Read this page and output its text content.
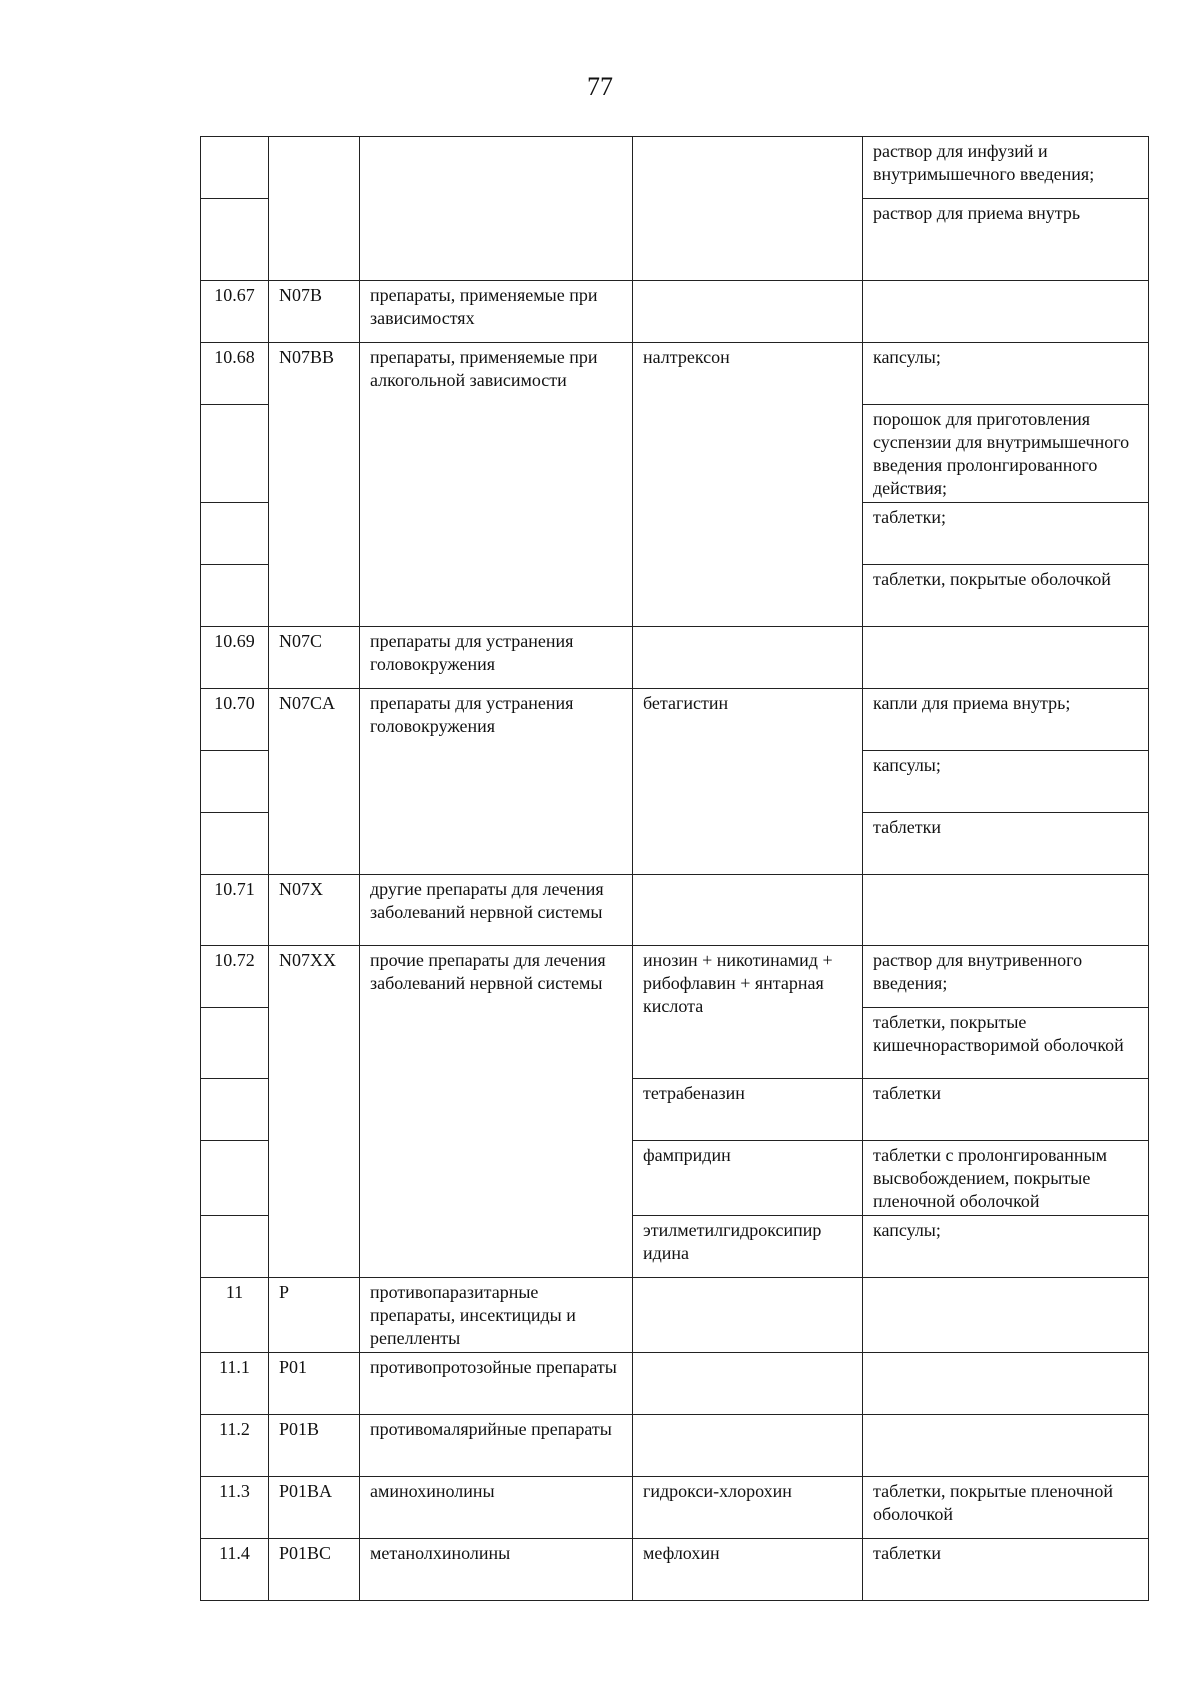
77
				раствор для инфузий и внутримышечного введения;
				раствор для приема внутрь
10.67	N07B	препараты, применяемые при зависимостях		
10.68	N07BB	препараты, применяемые при алкогольной зависимости	налтрексон	капсулы;
				порошок для приготовления суспензии для внутримышечного введения пролонгированного действия;
				таблетки;
				таблетки, покрытые оболочкой
10.69	N07C	препараты для устранения головокружения		
10.70	N07CA	препараты для устранения головокружения	бетагистин	капли для приема внутрь;
				капсулы;
				таблетки
10.71	N07X	другие препараты для лечения заболеваний нервной системы		
10.72	N07XX	прочие препараты для лечения заболеваний нервной системы	инозин + никотинамид + рибофлавин + янтарная кислота	раствор для внутривенного введения;
				таблетки, покрытые кишечнорастворимой оболочкой
			тетрабеназин	таблетки
			фампридин	таблетки с пролонгированным высвобождением, покрытые пленочной оболочкой
			этилметилгидроксипир идина	капсулы;
11	P	противопаразитарные препараты, инсектициды и репелленты		
11.1	P01	противопротозойные препараты		
11.2	P01B	противомалярийные препараты		
11.3	P01BA	аминохинолины	гидрокси-хлорохин	таблетки, покрытые пленочной оболочкой
11.4	P01BC	метанолхинолины	мефлохин	таблетки
